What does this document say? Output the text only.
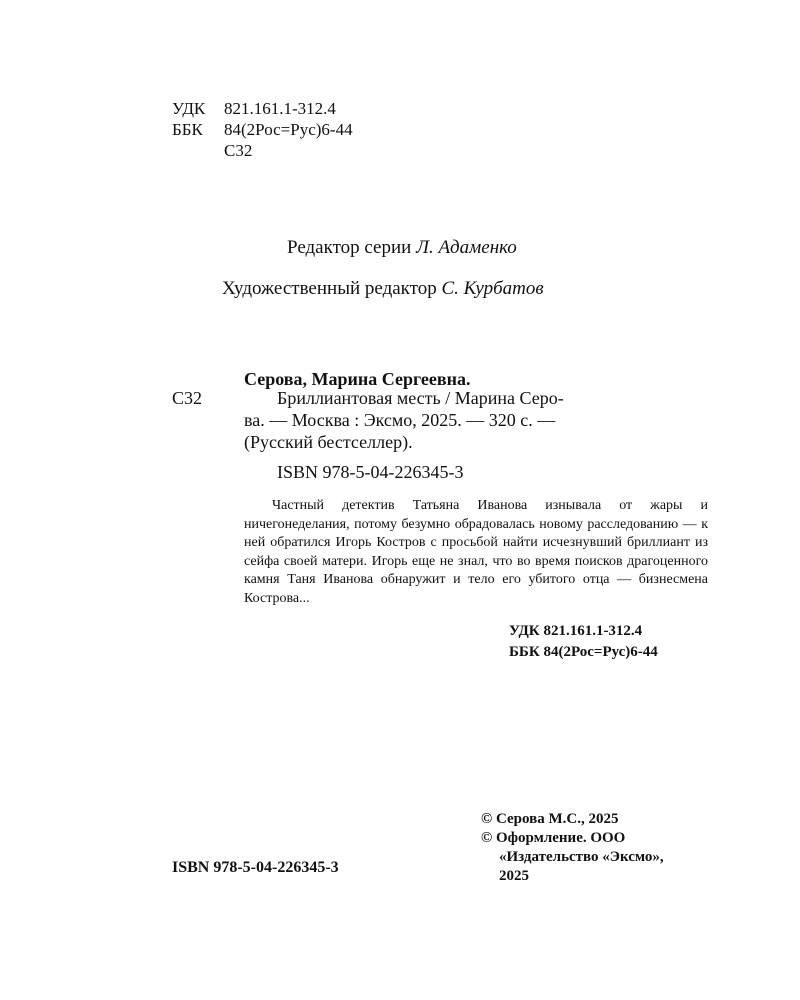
УДК 821.161.1-312.4
ББК 84(2Рос=Рус)6-44
С32
Редактор серии Л. Адаменко
Художественный редактор С. Курбатов
Серова, Марина Сергеевна.
С32	Бриллиантовая месть / Марина Серо-
ва. — Москва : Эксмо, 2025. — 320 с. —
(Русский бестселлер).
ISBN 978-5-04-226345-3
Частный детектив Татьяна Иванова изнывала от жары и ничегонеделания, потому безумно обрадовалась новому расследованию — к ней обратился Игорь Костров с просьбой найти исчезнувший бриллиант из сейфа своей матери. Игорь еще не знал, что во время поисков драгоценного камня Таня Иванова обнаружит и тело его убитого отца — бизнесмена Кострова...
УДК 821.161.1-312.4
ББК 84(2Рос=Рус)6-44
© Серова М.С., 2025
© Оформление. ООО
«Издательство «Эксмо»,
2025
ISBN 978-5-04-226345-3
